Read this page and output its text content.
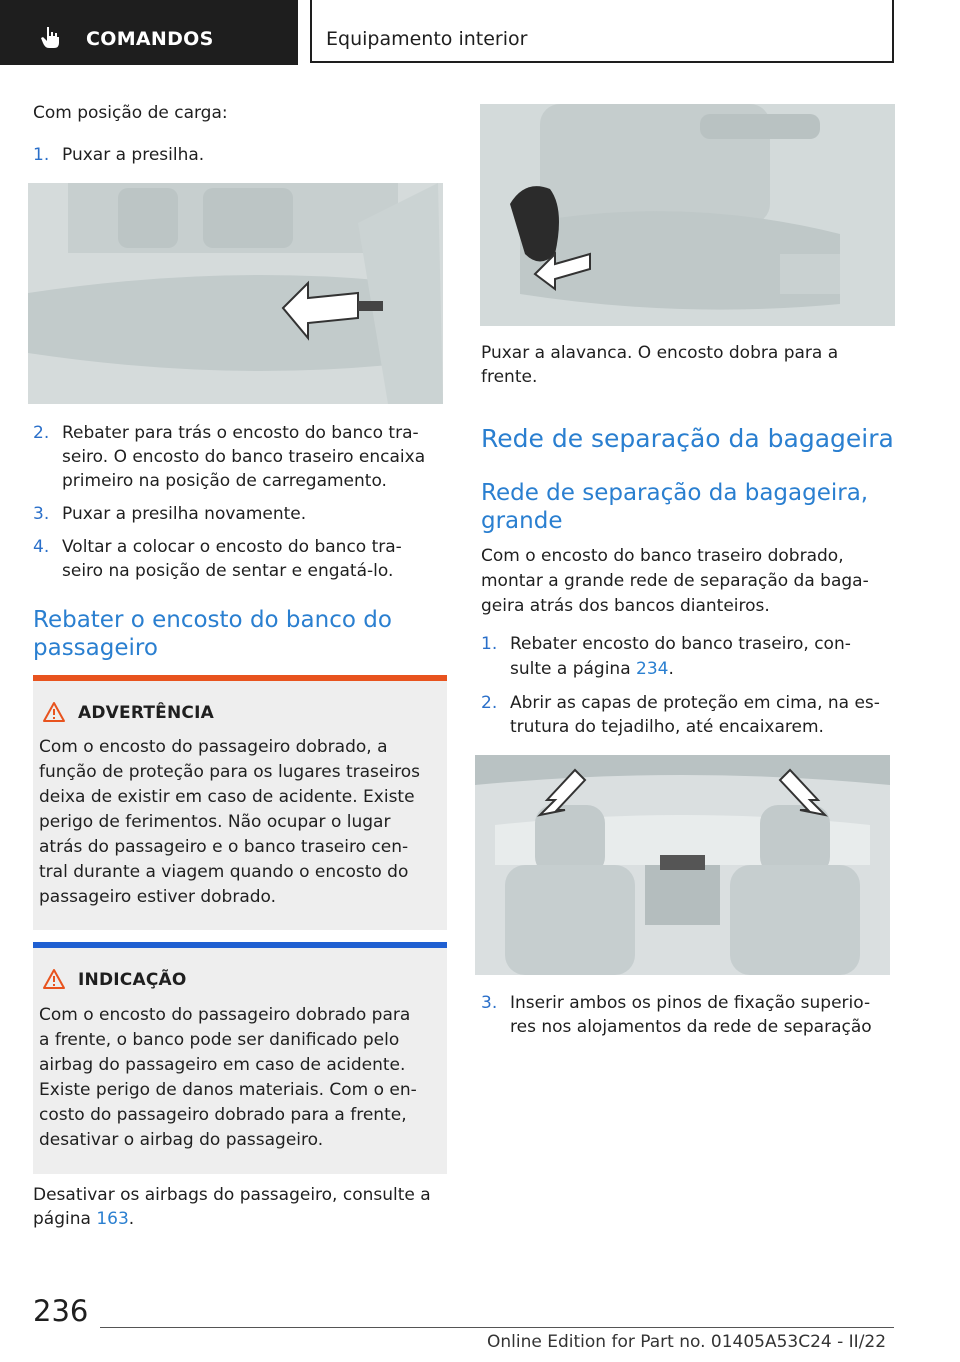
COMANDOS	Equipamento interior
Com posição de carga:
1. Puxar a presilha.
2. Rebater para trás o encosto do banco tra-
seiro. O encosto do banco traseiro encaixa
primeiro na posição de carregamento.
3. Puxar a presilha novamente.
4. Voltar a colocar o encosto do banco tra-
seiro na posição de sentar e engatá-lo.
Rebater o encosto do banco do
passageiro
ADVERTÊNCIA
Com o encosto do passageiro dobrado, a
função de proteção para os lugares traseiros
deixa de existir em caso de acidente. Existe
perigo de ferimentos. Não ocupar o lugar
atrás do passageiro e o banco traseiro cen-
tral durante a viagem quando o encosto do
passageiro estiver dobrado.
INDICAÇÃO
Com o encosto do passageiro dobrado para
a frente, o banco pode ser danificado pelo
airbag do passageiro em caso de acidente.
Existe perigo de danos materiais. Com o en-
costo do passageiro dobrado para a frente,
desativar o airbag do passageiro.
Desativar os airbags do passageiro, consulte a
página 163.
Puxar a alavanca. O encosto dobra para a
frente.
Rede de separação da bagageira
Rede de separação da bagageira,
grande
Com o encosto do banco traseiro dobrado,
montar a grande rede de separação da baga-
geira atrás dos bancos dianteiros.
1. Rebater encosto do banco traseiro, con-
sulte a página 234.
2. Abrir as capas de proteção em cima, na es-
trutura do tejadilho, até encaixarem.
3. Inserir ambos os pinos de fixação superio-
res nos alojamentos da rede de separação
236
Online Edition for Part no. 01405A53C24 - II/22
